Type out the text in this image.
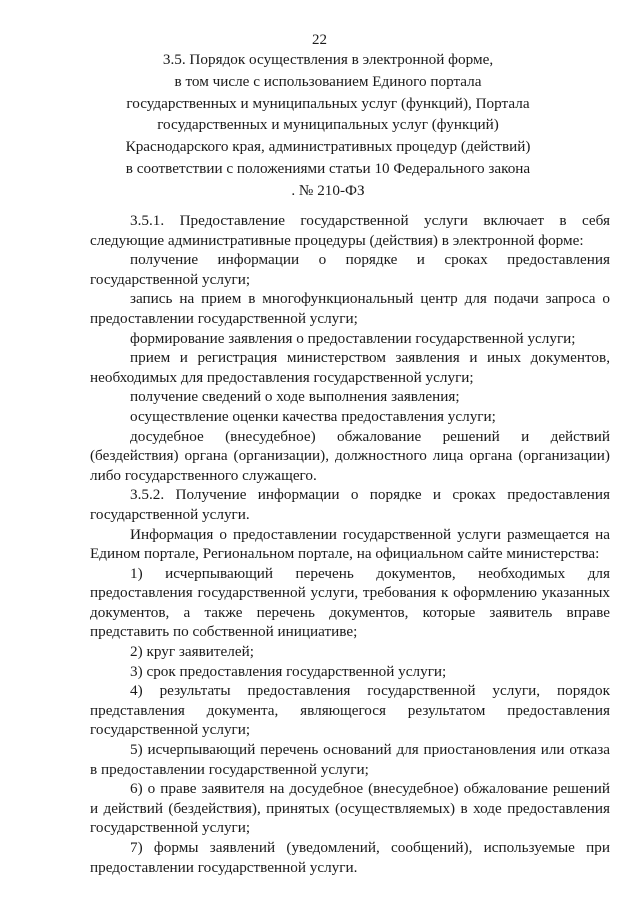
22
3.5. Порядок осуществления в электронной форме,
в том числе с использованием Единого портала
государственных и муниципальных услуг (функций), Портала
государственных и муниципальных услуг (функций)
Краснодарского края, административных процедур (действий)
в соответствии с положениями статьи 10 Федерального закона
. № 210-ФЗ

3.5.1. Предоставление государственной услуги включает в себя следующие административные процедуры (действия) в электронной форме:

получение информации о порядке и сроках предоставления государственной услуги;

запись на прием в многофункциональный центр для подачи запроса о предоставлении государственной услуги;

формирование заявления о предоставлении государственной услуги;

прием и регистрация министерством заявления и иных документов, необходимых для предоставления государственной услуги;

получение сведений о ходе выполнения заявления;

осуществление оценки качества предоставления услуги;

досудебное (внесудебное) обжалование решений и действий (бездействия) органа (организации), должностного лица органа (организации) либо государственного служащего.

3.5.2. Получение информации о порядке и сроках предоставления государственной услуги.

Информация о предоставлении государственной услуги размещается на Едином портале, Региональном портале, на официальном сайте министерства:

1) исчерпывающий перечень документов, необходимых для предоставления государственной услуги, требования к оформлению указанных документов, а также перечень документов, которые заявитель вправе представить по собственной инициативе;

2) круг заявителей;

3) срок предоставления государственной услуги;

4) результаты предоставления государственной услуги, порядок представления документа, являющегося результатом предоставления государственной услуги;

5) исчерпывающий перечень оснований для приостановления или отказа в предоставлении государственной услуги;

6) о праве заявителя на досудебное (внесудебное) обжалование решений и действий (бездействия), принятых (осуществляемых) в ходе предоставления государственной услуги;

7) формы заявлений (уведомлений, сообщений), используемые при предоставлении государственной услуги.
